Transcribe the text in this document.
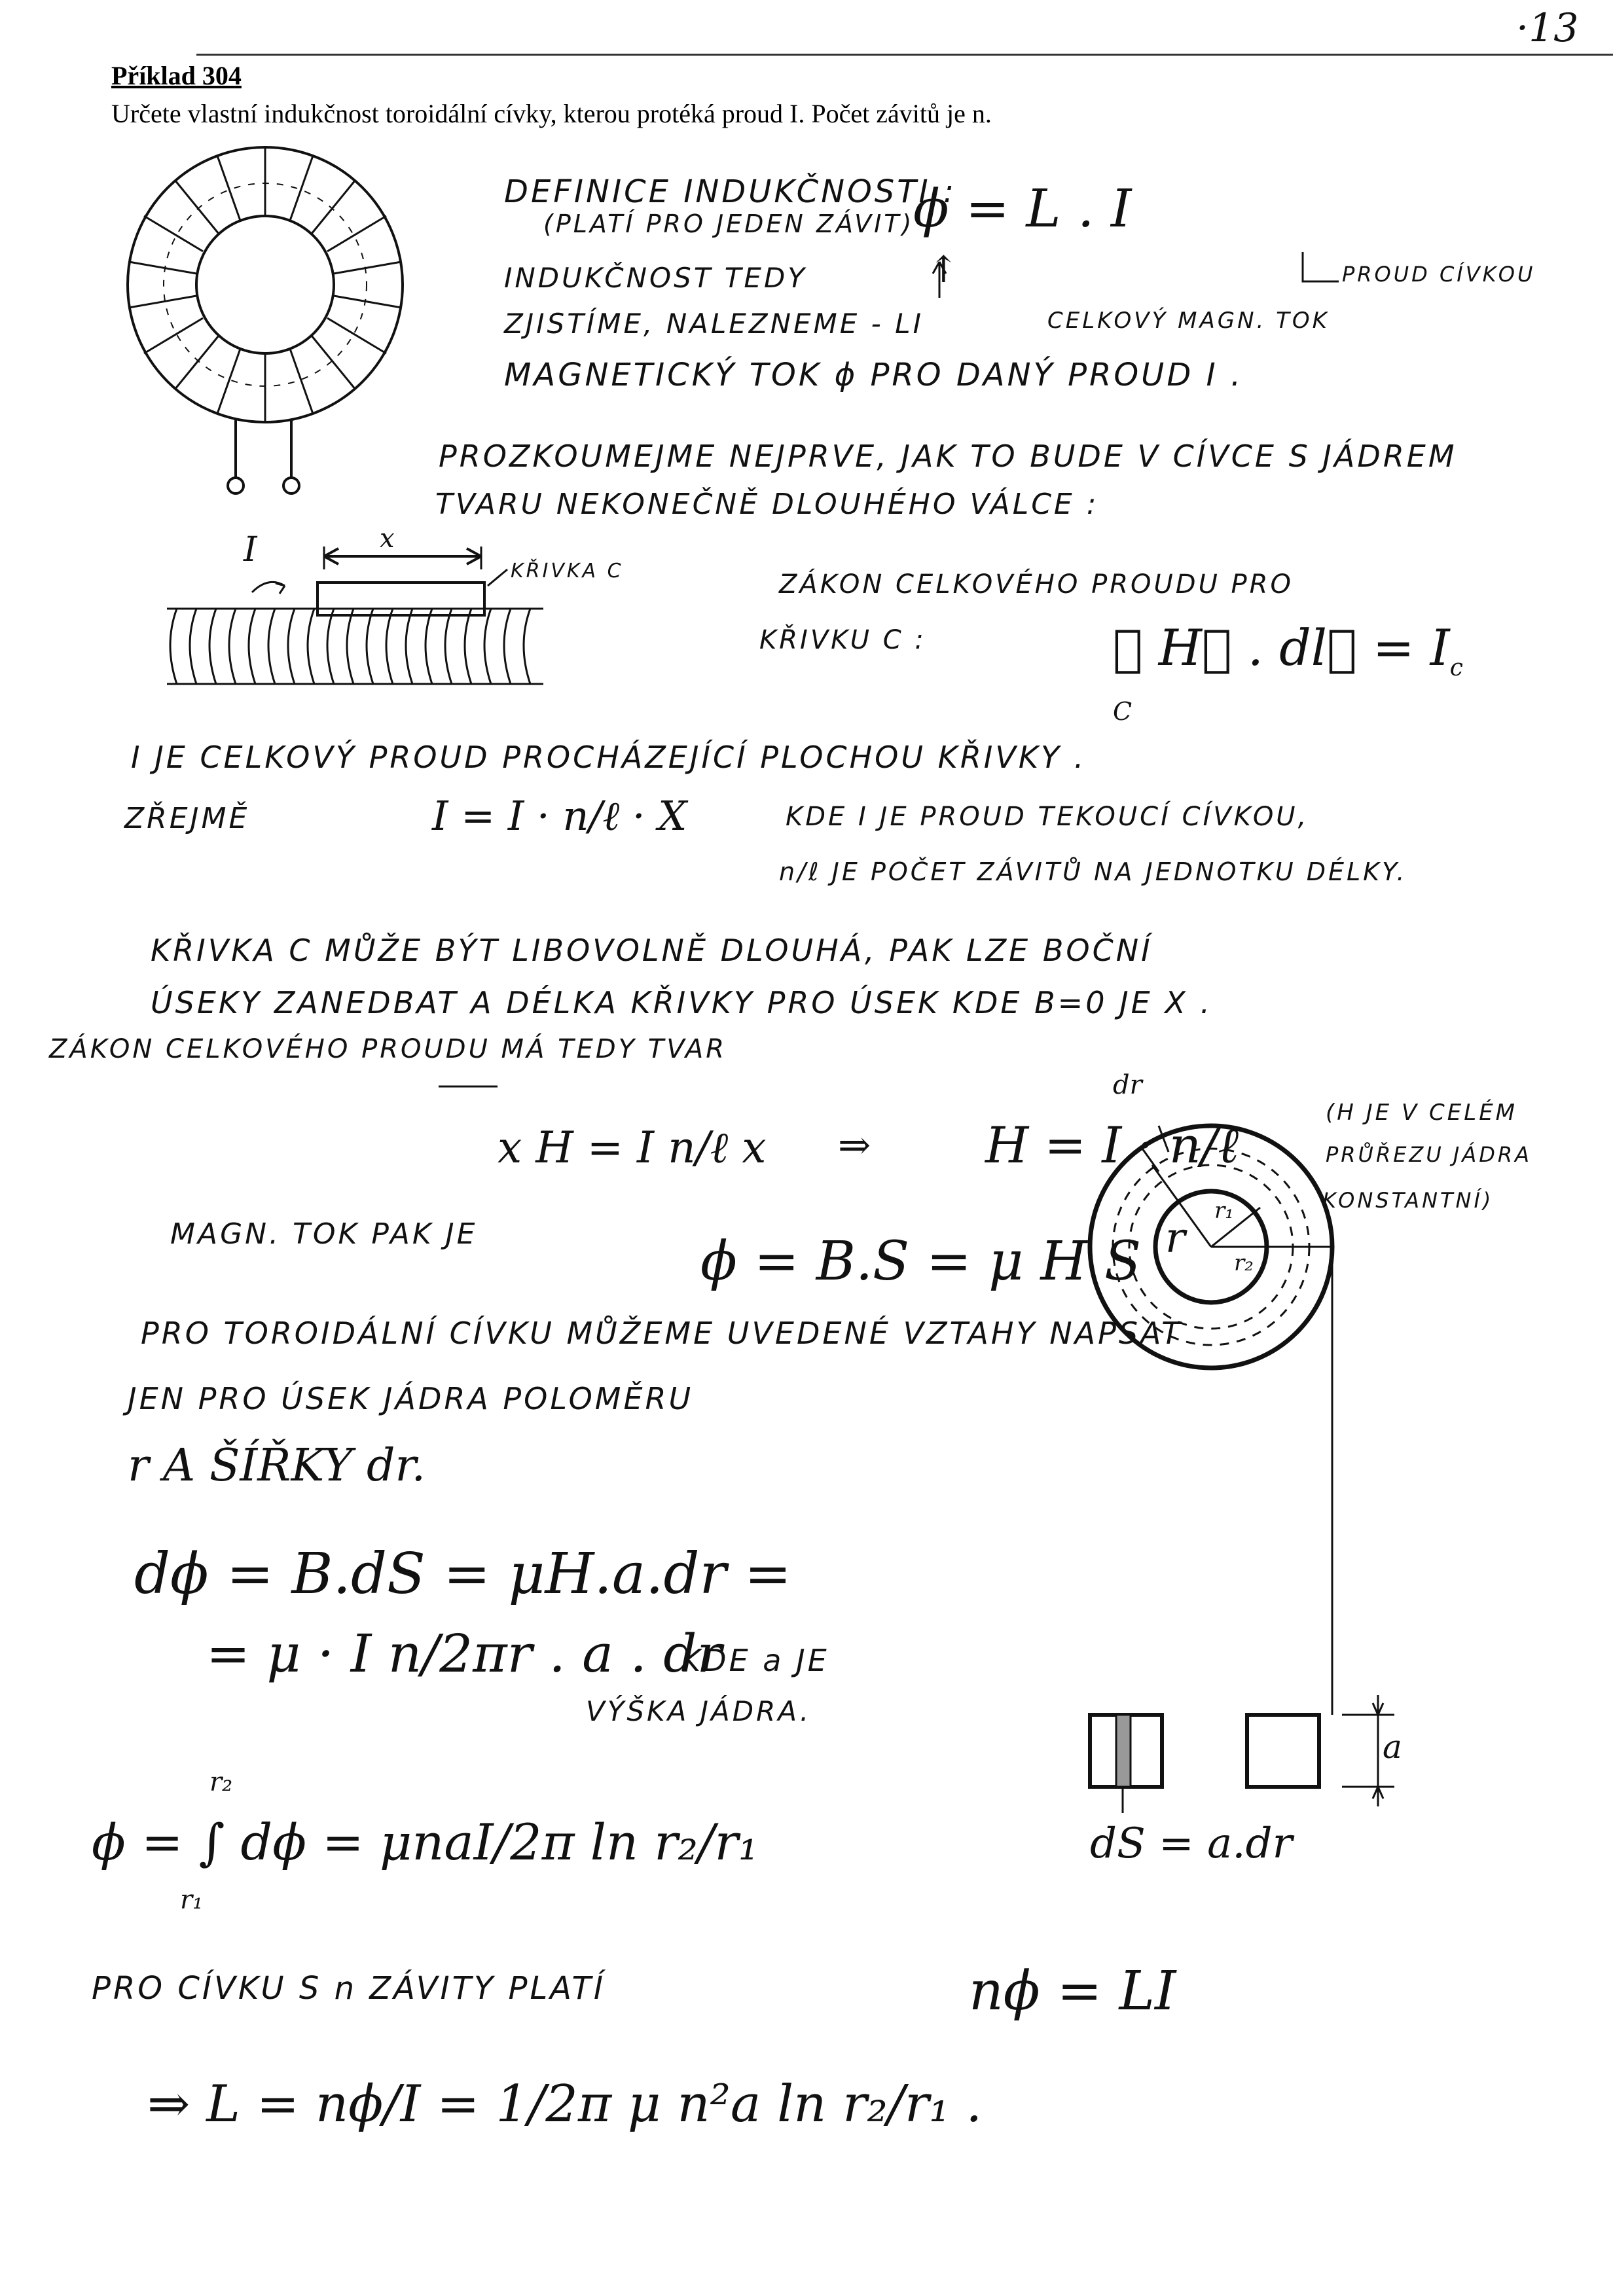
·13
Příklad 304
Určete vlastní indukčnost toroidální cívky, kterou protéká proud I. Počet závitů je n.
DEFINICE INDUKČNOSTI :
(PLATÍ PRO JEDEN ZÁVIT)
ϕ = L . I
INDUKČNOST TEDY
ZJISTÍME, NALEZNEME - LI	CELKOVÝ MAGN. TOK
PROUD CÍVKOU
MAGNETICKÝ TOK ϕ PRO DANÝ PROUD I .
PROZKOUMEJME NEJPRVE, JAK TO BUDE V CÍVCE S JÁDREM
TVARU NEKONEČNĚ DLOUHÉHO VÁLCE :
I	x
KŘIVKA C	ZÁKON CELKOVÉHO PROUDU PRO
KŘIVKU C :	∮ H⃗ . dl⃗ = $I_c$
C
I JE CELKOVÝ PROUD PROCHÁZEJÍCÍ PLOCHOU KŘIVKY .
ZŘEJMĚ	I = I · n/ℓ · X	KDE I JE PROUD TEKOUCÍ CÍVKOU,
n/ℓ JE POČET ZÁVITŮ NA JEDNOTKU DÉLKY.
KŘIVKA C MŮŽE BÝT LIBOVOLNĚ DLOUHÁ, PAK LZE BOČNÍ
ÚSEKY ZANEDBAT A DÉLKA KŘIVKY PRO ÚSEK KDE B=0 JE X .
ZÁKON CELKOVÉHO PROUDU MÁ TEDY TVAR
x H = I n/ℓ x ⇒ H = I · n/ℓ
(H JE V CELÉM
PRŮŘEZU JÁDRA
KONSTANTNÍ)
MAGN. TOK PAK JE	ϕ = B.S = μ H S
PRO TOROIDÁLNÍ CÍVKU MŮŽEME UVEDENÉ VZTAHY NAPSAT
JEN PRO ÚSEK JÁDRA POLOMĚRU
r A ŠÍŘKY dr.
dϕ = B.dS = μH.a.dr =
= μ · I n/2πr . a . dr
KDE a JE
VÝŠKA JÁDRA.
r₂
ϕ = ∫ dϕ = μnaI/2π ln r₂/r₁
r₁
PRO CÍVKU S n ZÁVITY PLATÍ	nϕ = LI
⇒ L = nϕ/I = 1/2π μ n²a ln r₂/r₁ .
dS = a.dr
dr
r
r₁
r₂
a
↑
